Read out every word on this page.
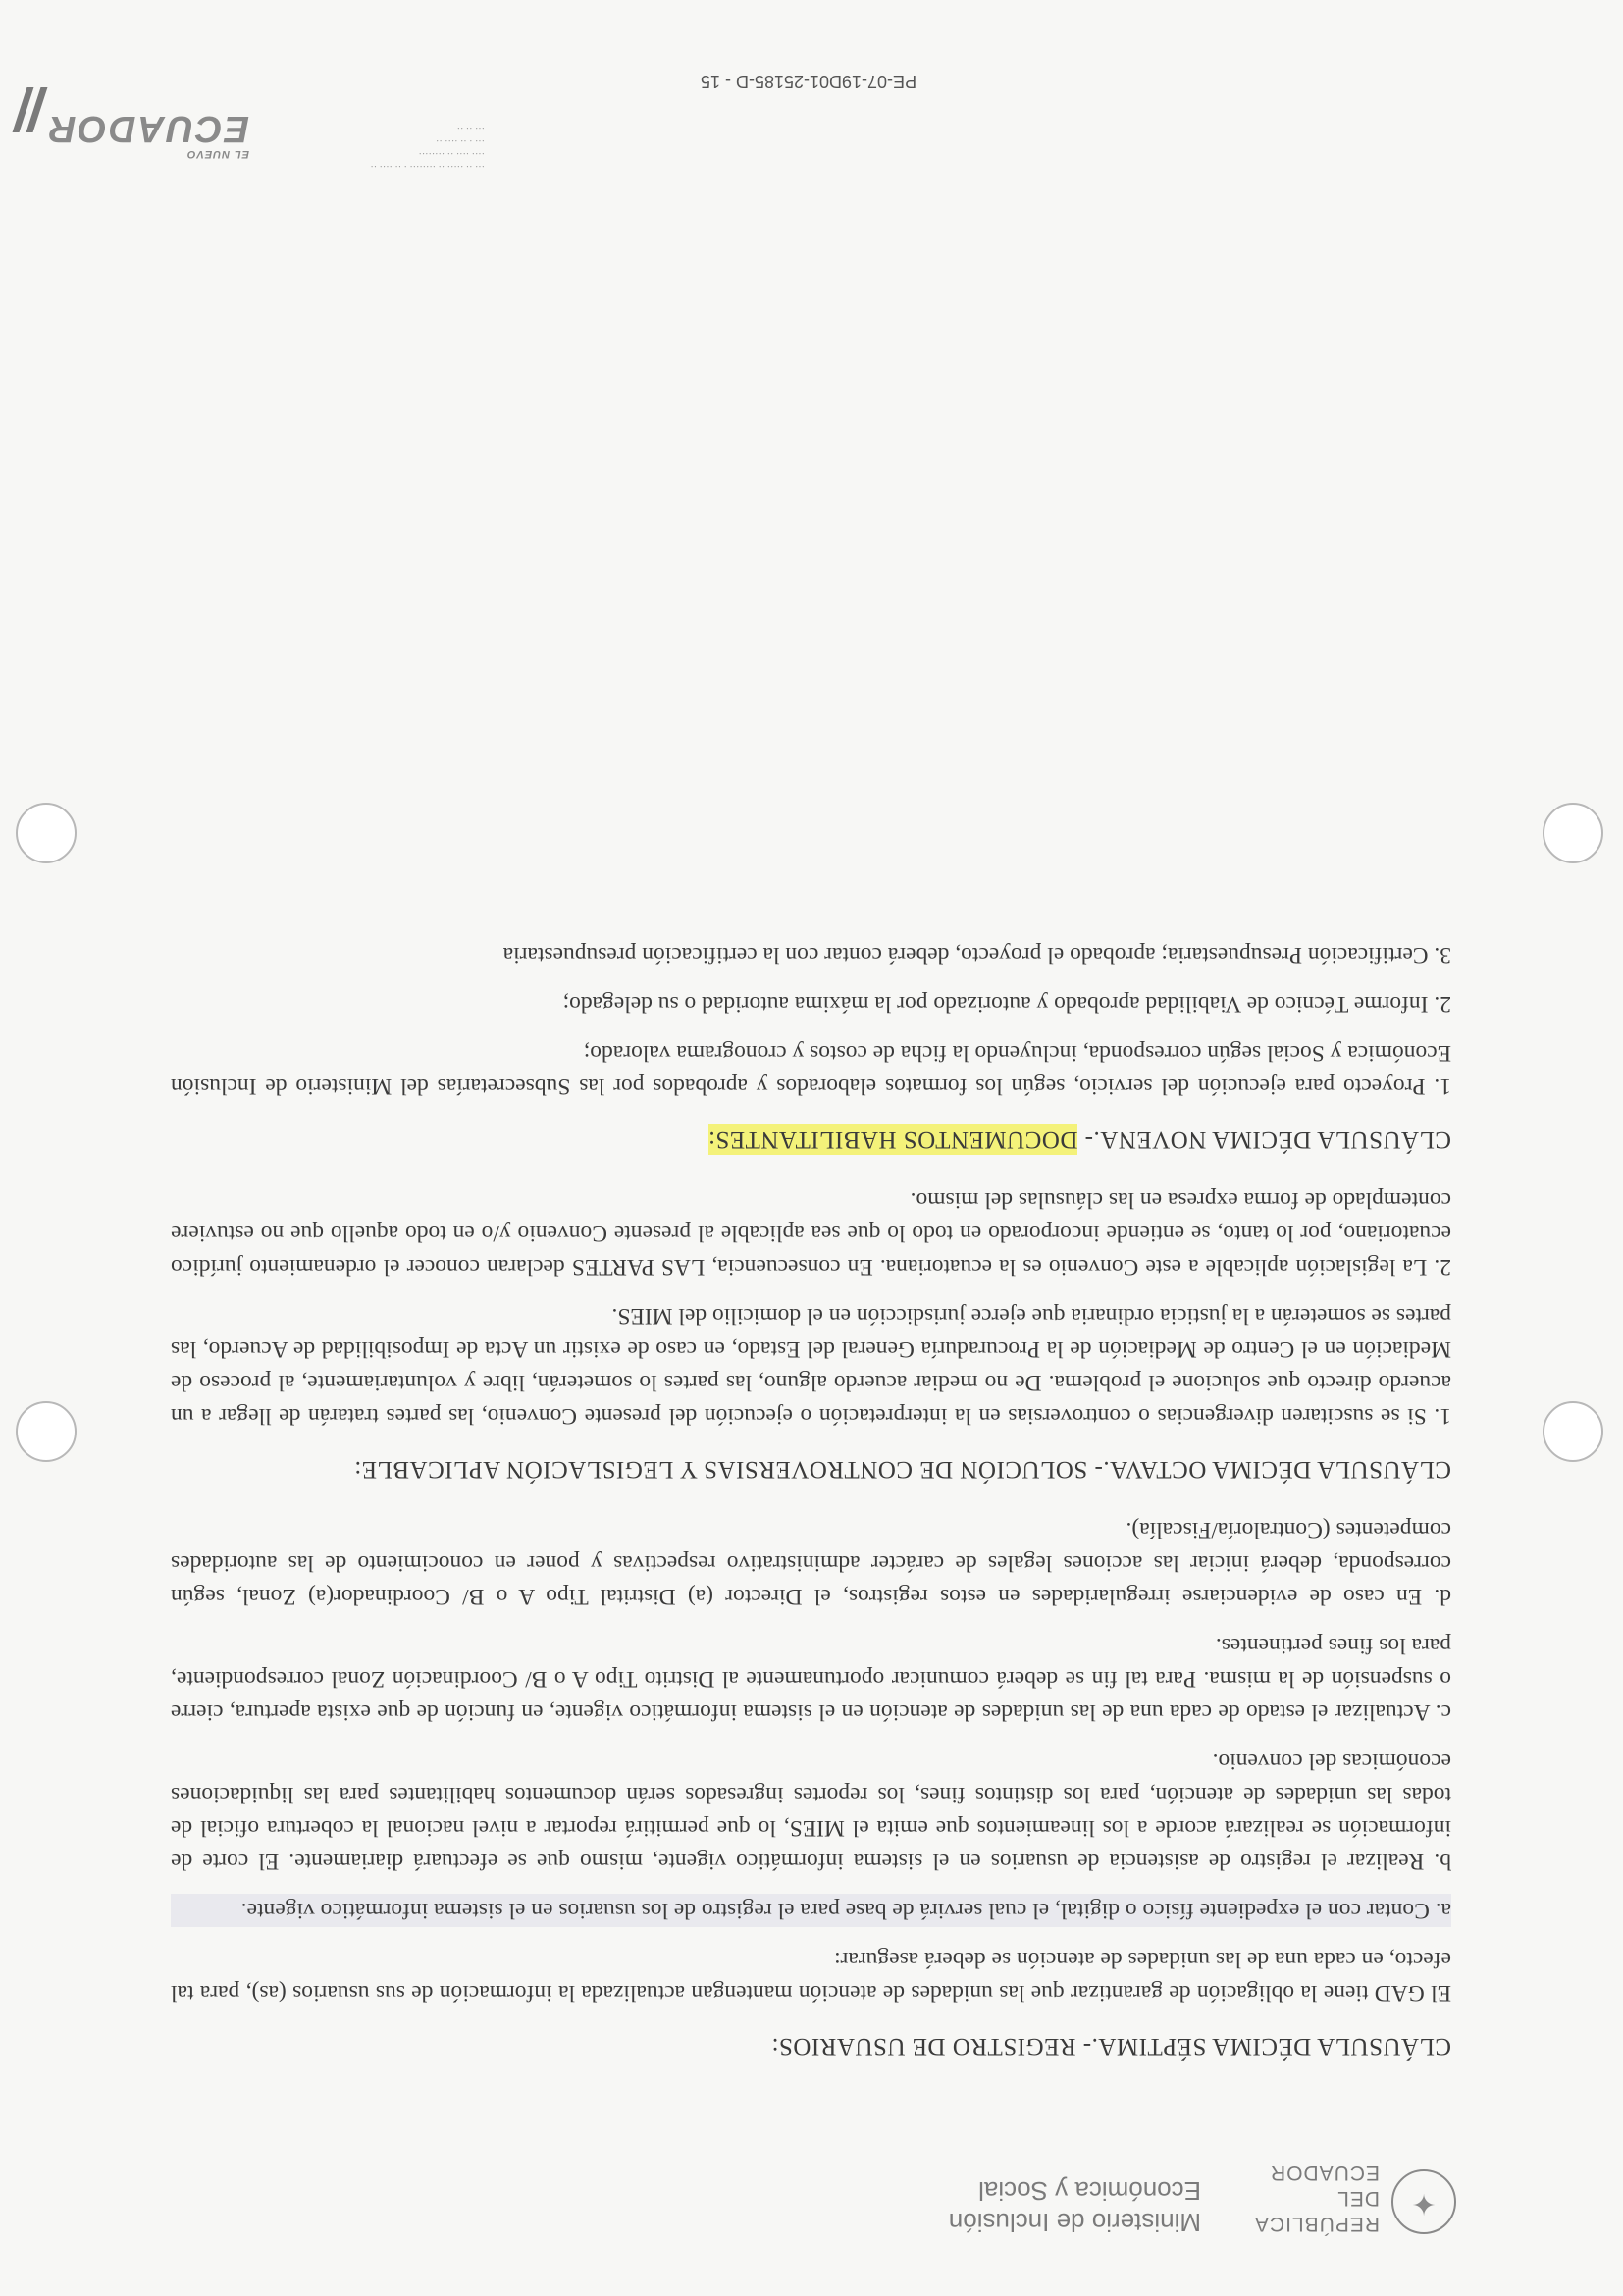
✦
REPÚBLICA
DEL ECUADOR
Ministerio de Inclusión
Económica y Social

CLÁUSULA DÉCIMA SÉPTIMA.- REGISTRO DE USUARIOS:

El GAD tiene la obligación de garantizar que las unidades de atención mantengan actualizada la información de sus usuarios (as), para tal efecto, en cada una de las unidades de atención se deberá asegurar:

a. Contar con el expediente físico o digital, el cual servirá de base para el registro de los usuarios en el sistema informático vigente.

b. Realizar el registro de asistencia de usuarios en el sistema informático vigente, mismo que se efectuará diariamente. El corte de información se realizará acorde a los lineamientos que emita el MIES, lo que permitirá reportar a nivel nacional la cobertura oficial de todas las unidades de atención, para los distintos fines, los reportes ingresados serán documentos habilitantes para las liquidaciones económicas del convenio.

c. Actualizar el estado de cada una de las unidades de atención en el sistema informático vigente, en función de que exista apertura, cierre o suspensión de la misma. Para tal fin se deberá comunicar oportunamente al Distrito Tipo A o B/ Coordinación Zonal correspondiente, para los fines pertinentes.

d. En caso de evidenciarse irregularidades en estos registros, el Director (a) Distrital Tipo A o B/ Coordinador(a) Zonal, según corresponda, deberá iniciar las acciones legales de carácter administrativo respectivas y poner en conocimiento de las autoridades competentes (Contraloría/Fiscalía).

CLÁUSULA DÉCIMA OCTAVA.- SOLUCIÓN DE CONTROVERSIAS Y LEGISLACIÓN APLICABLE:

1. Si se suscitaren divergencias o controversias en la interpretación o ejecución del presente Convenio, las partes tratarán de llegar a un acuerdo directo que solucione el problema. De no mediar acuerdo alguno, las partes lo someterán, libre y voluntariamente, al proceso de Mediación en el Centro de Mediación de la Procuraduría General del Estado, en caso de existir un Acta de Imposibilidad de Acuerdo, las partes se someterán a la justicia ordinaria que ejerce jurisdicción en el domicilio del MIES.

2. La legislación aplicable a este Convenio es la ecuatoriana. En consecuencia, LAS PARTES declaran conocer el ordenamiento jurídico ecuatoriano, por lo tanto, se entiende incorporado en todo lo que sea aplicable al presente Convenio y/o en todo aquello que no estuviere contemplado de forma expresa en las cláusulas del mismo.

CLÁUSULA DÉCIMA NOVENA.- DOCUMENTOS HABILITANTES:

1. Proyecto para ejecución del servicio, según los formatos elaborados y aprobados por las Subsecretarías del Ministerio de Inclusión Económica y Social según corresponda, incluyendo la ficha de costos y cronograma valorado;

2. Informe Técnico de Viabilidad aprobado y autorizado por la máxima autoridad o su delegado;

3. Certificación Presupuestaria; aprobado el proyecto, deberá contar con la certificación presupuestaria

··· ·· ····· ·· ········ · ·· ···· ··
···· ···· ·· ········
··· · ·· ···· ··
··· ·· ··
EL NUEVO
ECUADOR
PE-07-19D01-25185-D - 15
